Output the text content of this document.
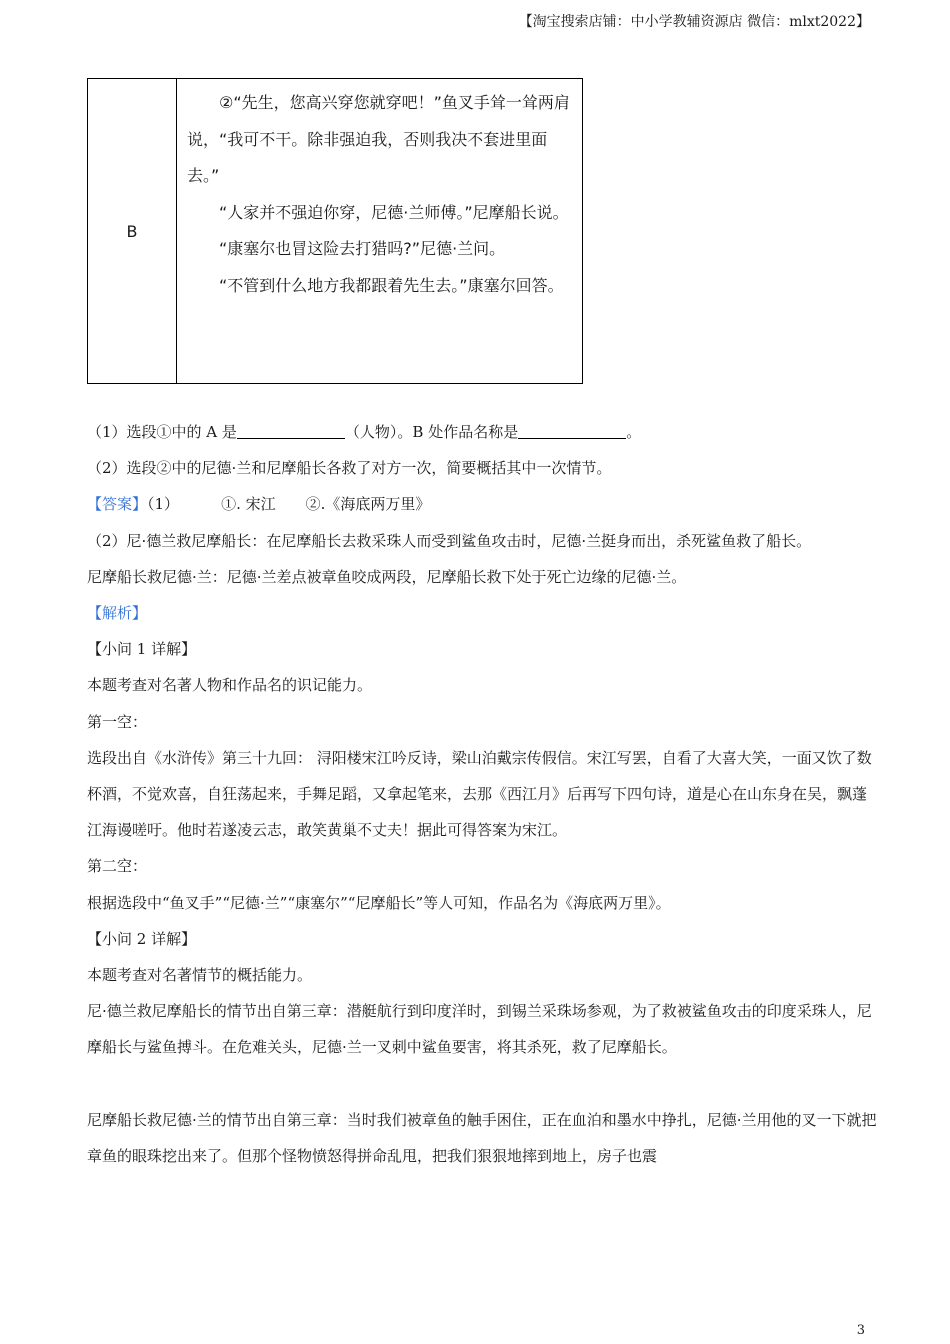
【淘宝搜索店铺：中小学教辅资源店 微信：mlxt2022】
B	

②“先生，您高兴穿您就穿吧！”鱼叉手耸一耸两肩说，“我可不干。除非强迫我，否则我决不套进里面去。”

“人家并不强迫你穿，尼德·兰师傅。”尼摩船长说。

“康塞尔也冒这险去打猎吗?”尼德·兰问。

“不管到什么地方我都跟着先生去。”康塞尔回答。

（1）选段①中的 A 是	（人物）。B 处作品名称是	。

（2）选段②中的尼德·兰和尼摩船长各救了对方一次，简要概括其中一次情节。

【答案】（1）	①. 宋江 ②.《海底两万里》

（2）尼·德兰救尼摩船长：在尼摩船长去救采珠人而受到鲨鱼攻击时，尼德·兰挺身而出，杀死鲨鱼救了船长。

尼摩船长救尼德·兰：尼德·兰差点被章鱼咬成两段，尼摩船长救下处于死亡边缘的尼德·兰。

【解析】

【小问 1 详解】

本题考查对名著人物和作品名的识记能力。

第一空：

选段出自《水浒传》第三十九回： 浔阳楼宋江吟反诗，梁山泊戴宗传假信。宋江写罢，自看了大喜大笑，一面又饮了数杯酒，不觉欢喜，自狂荡起来，手舞足蹈，又拿起笔来，去那《西江月》后再写下四句诗，道是心在山东身在吴，飘蓬江海谩嗟吁。他时若遂凌云志，敢笑黄巢不丈夫！据此可得答案为宋江。

第二空：

根据选段中“鱼叉手”“尼德·兰”“康塞尔”“尼摩船长”等人可知，作品名为《海底两万里》。

【小问 2 详解】

本题考查对名著情节的概括能力。

尼·德兰救尼摩船长的情节出自第三章：潜艇航行到印度洋时，到锡兰采珠场参观，为了救被鲨鱼攻击的印度采珠人，尼摩船长与鲨鱼搏斗。在危难关头，尼德·兰一叉刺中鲨鱼要害，将其杀死，救了尼摩船长。

尼摩船长救尼德·兰的情节出自第三章：当时我们被章鱼的触手困住，正在血泊和墨水中挣扎，尼德·兰用他的叉一下就把章鱼的眼珠挖出来了。但那个怪物愤怒得拼命乱甩，把我们狠狠地摔到地上，房子也震

3
